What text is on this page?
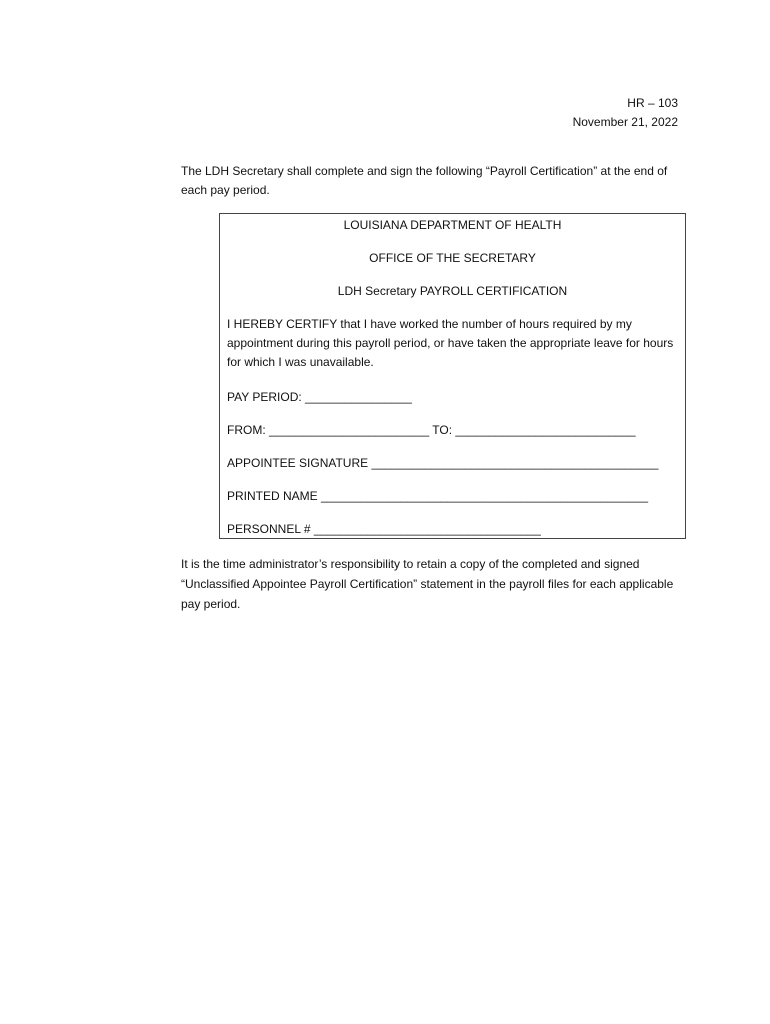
HR – 103
November 21, 2022
The LDH Secretary shall complete and sign the following “Payroll Certification” at the end of each pay period.
LOUISIANA DEPARTMENT OF HEALTH
OFFICE OF THE SECRETARY
LDH Secretary PAYROLL CERTIFICATION
I HEREBY CERTIFY that I have worked the number of hours required by my appointment during this payroll period, or have taken the appropriate leave for hours for which I was unavailable.
PAY PERIOD: ________________
FROM: ________________________ TO: ___________________________
APPOINTEE SIGNATURE ___________________________________________
PRINTED NAME _________________________________________________
PERSONNEL # __________________________________
It is the time administrator’s responsibility to retain a copy of the completed and signed “Unclassified Appointee Payroll Certification” statement in the payroll files for each applicable pay period.
